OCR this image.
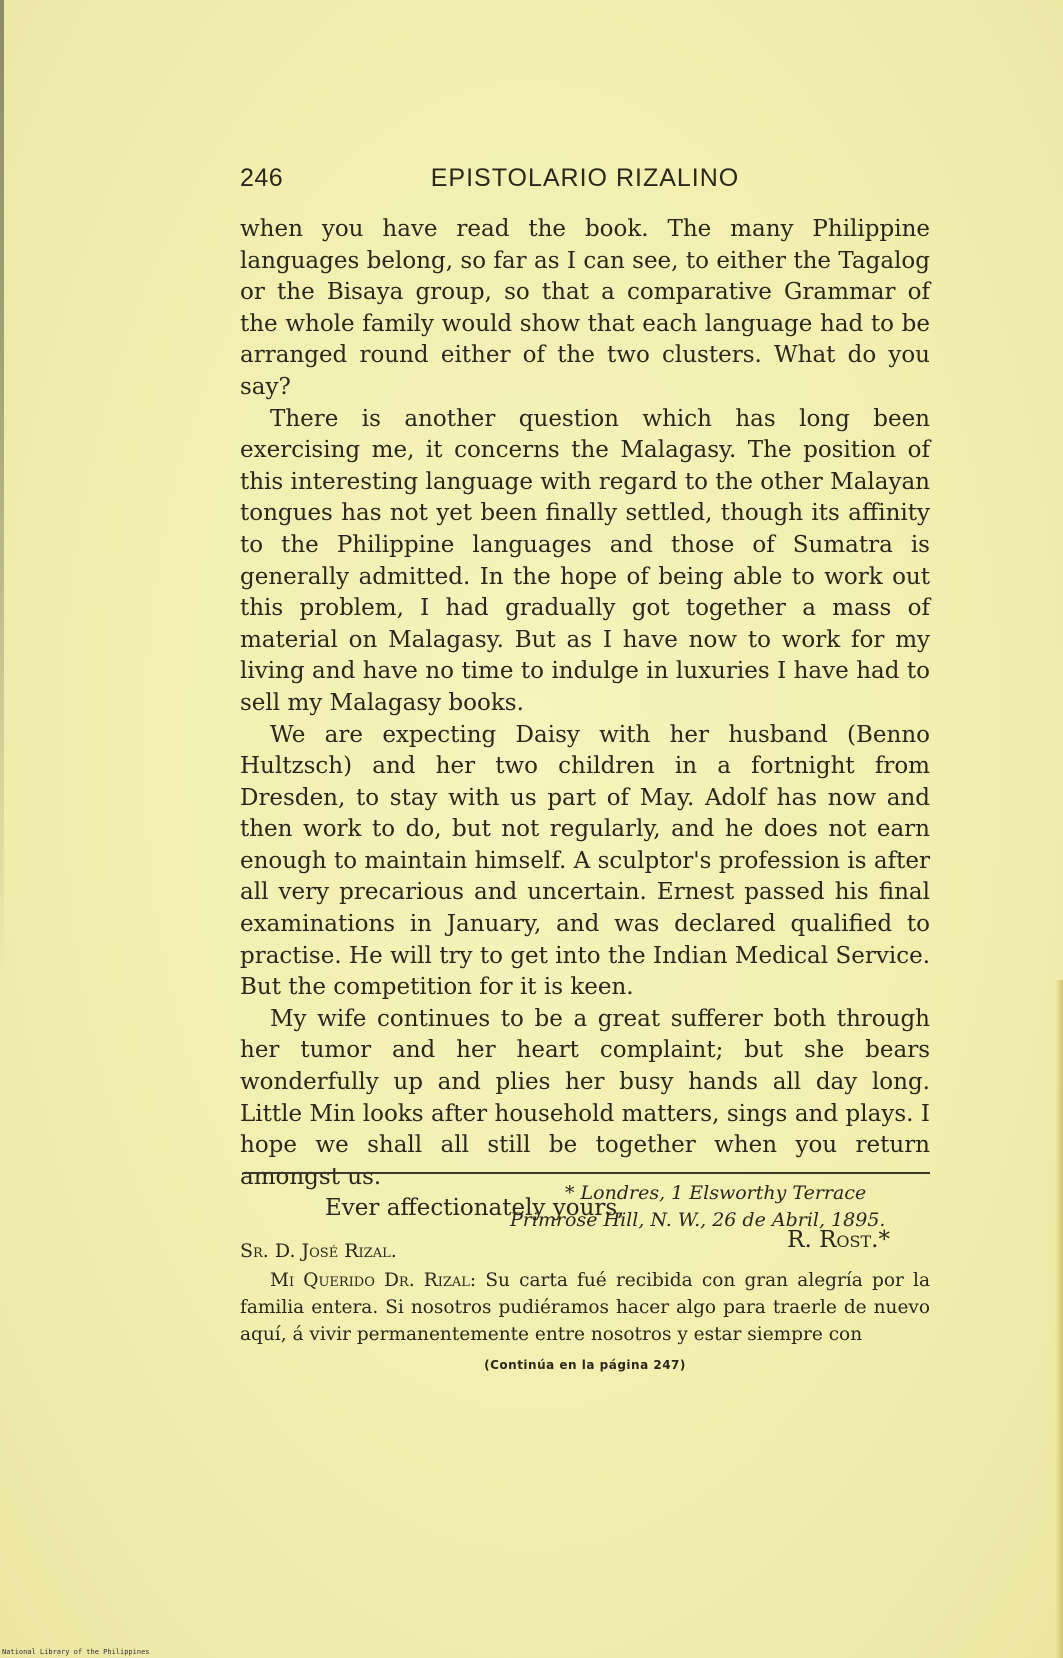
246	EPISTOLARIO RIZALINO

when you have read the book. The many Philippine languages belong, so far as I can see, to either the Tagalog or the Bisaya group, so that a comparative Grammar of the whole family would show that each language had to be arranged round either of the two clusters. What do you say?

There is another question which has long been exercising me, it concerns the Malagasy. The position of this interesting language with regard to the other Malayan tongues has not yet been finally settled, though its affinity to the Philippine languages and those of Sumatra is generally admitted. In the hope of being able to work out this problem, I had gradually got together a mass of material on Malagasy. But as I have now to work for my living and have no time to indulge in luxuries I have had to sell my Malagasy books.

We are expecting Daisy with her husband (Benno Hultzsch) and her two children in a fortnight from Dresden, to stay with us part of May. Adolf has now and then work to do, but not regularly, and he does not earn enough to maintain himself. A sculptor's profession is after all very precarious and uncertain. Ernest passed his final examinations in January, and was declared qualified to practise. He will try to get into the Indian Medical Service. But the competition for it is keen.

My wife continues to be a great sufferer both through her tumor and her heart complaint; but she bears wonderfully up and plies her busy hands all day long. Little Min looks after household matters, sings and plays. I hope we shall all still be together when you return amongst us.

Ever affectionately yours,

R. Rost.*

* Londres, 1 Elsworthy Terrace

Primrose Hill, N. W., 26 de Abril, 1895.

Sr. D. José Rizal.

Mi Querido Dr. Rizal: Su carta fué recibida con gran alegría por la familia entera. Si nosotros pudiéramos hacer algo para traerle de nuevo aquí, á vivir permanentemente entre nosotros y estar siempre con

(Continúa en la página 247)

National Library of the Philippines
